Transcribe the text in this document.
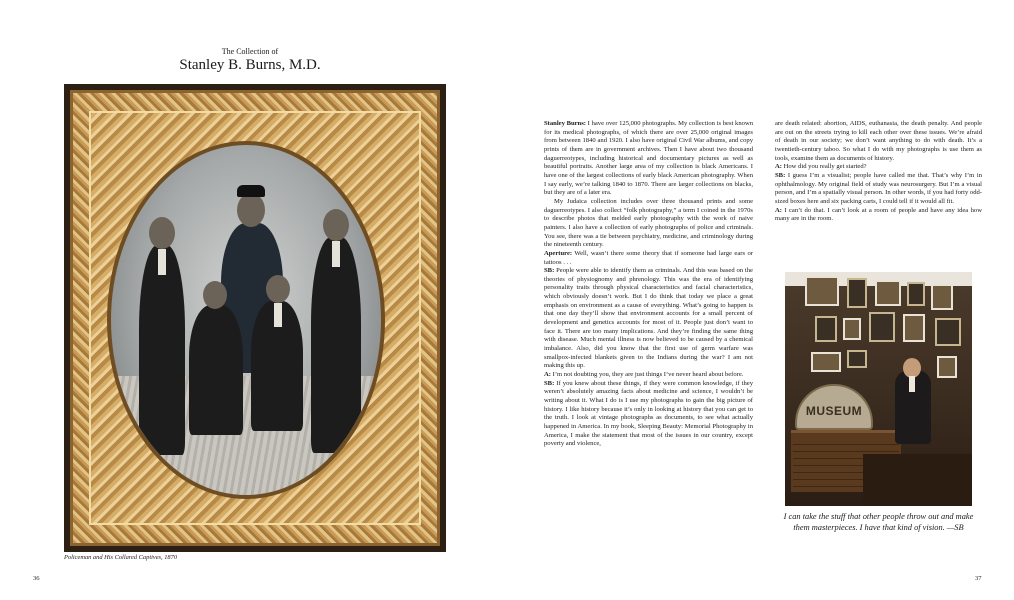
The Collection of
Stanley B. Burns, M.D.
Policeman and His Collared Captives, 1870
36

Stanley Burns: I have over 125,000 photographs. My collection is best known for its medical photographs, of which there are over 25,000 original images from between 1840 and 1920. I also have original Civil War albums, and copy prints of them are in government archives. Then I have about two thousand daguerreotypes, including historical and documentary pictures as well as beautiful portraits. Another large area of my collection is black Americans. I have one of the largest collections of early black American photography. When I say early, we’re talking 1840 to 1870. There are larger collections on blacks, but they are of a later era.

My Judaica collection includes over three thousand prints and some daguerreotypes. I also collect “folk photography,” a term I coined in the 1970s to describe photos that melded early photography with the work of naive painters. I also have a collection of early photographs of police and criminals. You see, there was a tie between psychiatry, medicine, and criminology during the nineteenth century.

Aperture: Well, wasn’t there some theory that if someone had large ears or tattoos . . .

SB: People were able to identify them as criminals. And this was based on the theories of physiognomy and phrenology. This was the era of identifying personality traits through physical characteristics and facial characteristics, which obviously doesn’t work. But I do think that today we place a great emphasis on environment as a cause of everything. What’s going to happen is that one day they’ll show that environment accounts for a small percent of development and genetics accounts for most of it. People just don’t want to face it. There are too many implications. And they’re finding the same thing with disease. Much mental illness is now believed to be caused by a chemical imbalance. Also, did you know that the first use of germ warfare was smallpox-infected blankets given to the Indians during the war? I am not making this up.

A: I’m not doubting you, they are just things I’ve never heard about before.

SB: If you knew about these things, if they were common knowledge, if they weren’t absolutely amazing facts about medicine and science, I wouldn’t be writing about it. What I do is I use my photographs to gain the big picture of history. I like history because it’s only in looking at history that you can get to the truth. I look at vintage photographs as documents, to see what actually happened in America. In my book, Sleeping Beauty: Memorial Photography in America, I make the statement that most of the issues in our country, except poverty and violence,

are death related: abortion, AIDS, euthanasia, the death penalty. And people are out on the streets trying to kill each other over these issues. We’re afraid of death in our society; we don’t want anything to do with death. It’s a twentieth-century taboo. So what I do with my photographs is use them as tools, examine them as documents of history.

A: How did you really get started?

SB: I guess I’m a visualist; people have called me that. That’s why I’m in ophthalmology. My original field of study was neurosurgery. But I’m a visual person, and I’m a spatially visual person. In other words, if you had forty odd-sized boxes here and six packing carts, I could tell if it would all fit.

A: I can’t do that. I can’t look at a room of people and have any idea how many are in the room.

MUSEUM
I can take the stuff that other people throw out and make them masterpieces. I have that kind of vision. —SB
37
